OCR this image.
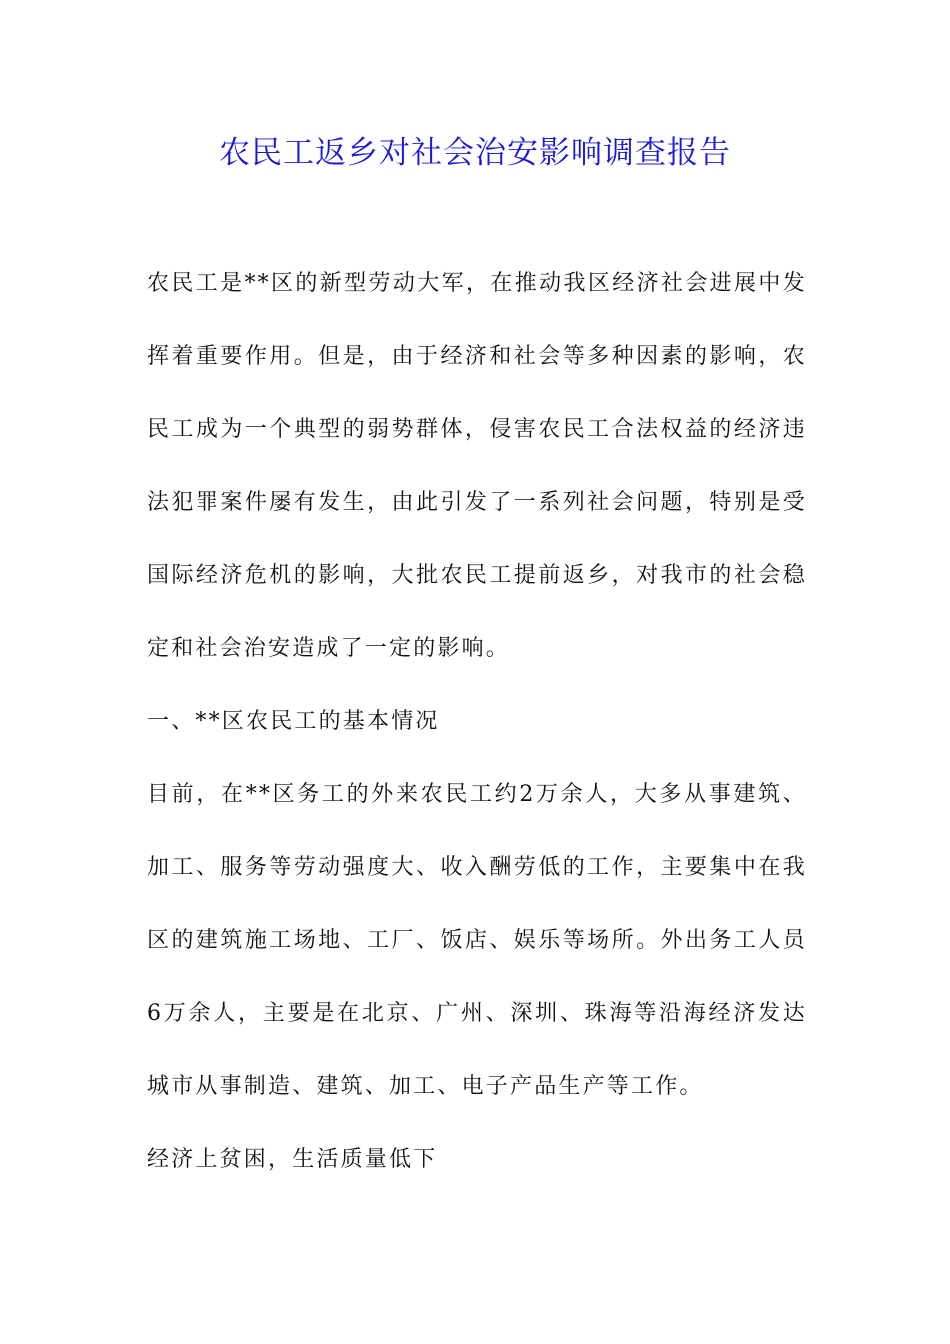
农民工返乡对社会治安影响调查报告
农民工是**区的新型劳动大军，在推动我区经济社会进展中发
挥着重要作用。但是，由于经济和社会等多种因素的影响，农
民工成为一个典型的弱势群体，侵害农民工合法权益的经济违
法犯罪案件屡有发生，由此引发了一系列社会问题，特别是受
国际经济危机的影响，大批农民工提前返乡，对我市的社会稳
定和社会治安造成了一定的影响。
一、**区农民工的基本情况
目前，在**区务工的外来农民工约2万余人，大多从事建筑、
加工、服务等劳动强度大、收入酬劳低的工作，主要集中在我
区的建筑施工场地、工厂、饭店、娱乐等场所。外出务工人员
6万余人，主要是在北京、广州、深圳、珠海等沿海经济发达
城市从事制造、建筑、加工、电子产品生产等工作。
经济上贫困，生活质量低下
